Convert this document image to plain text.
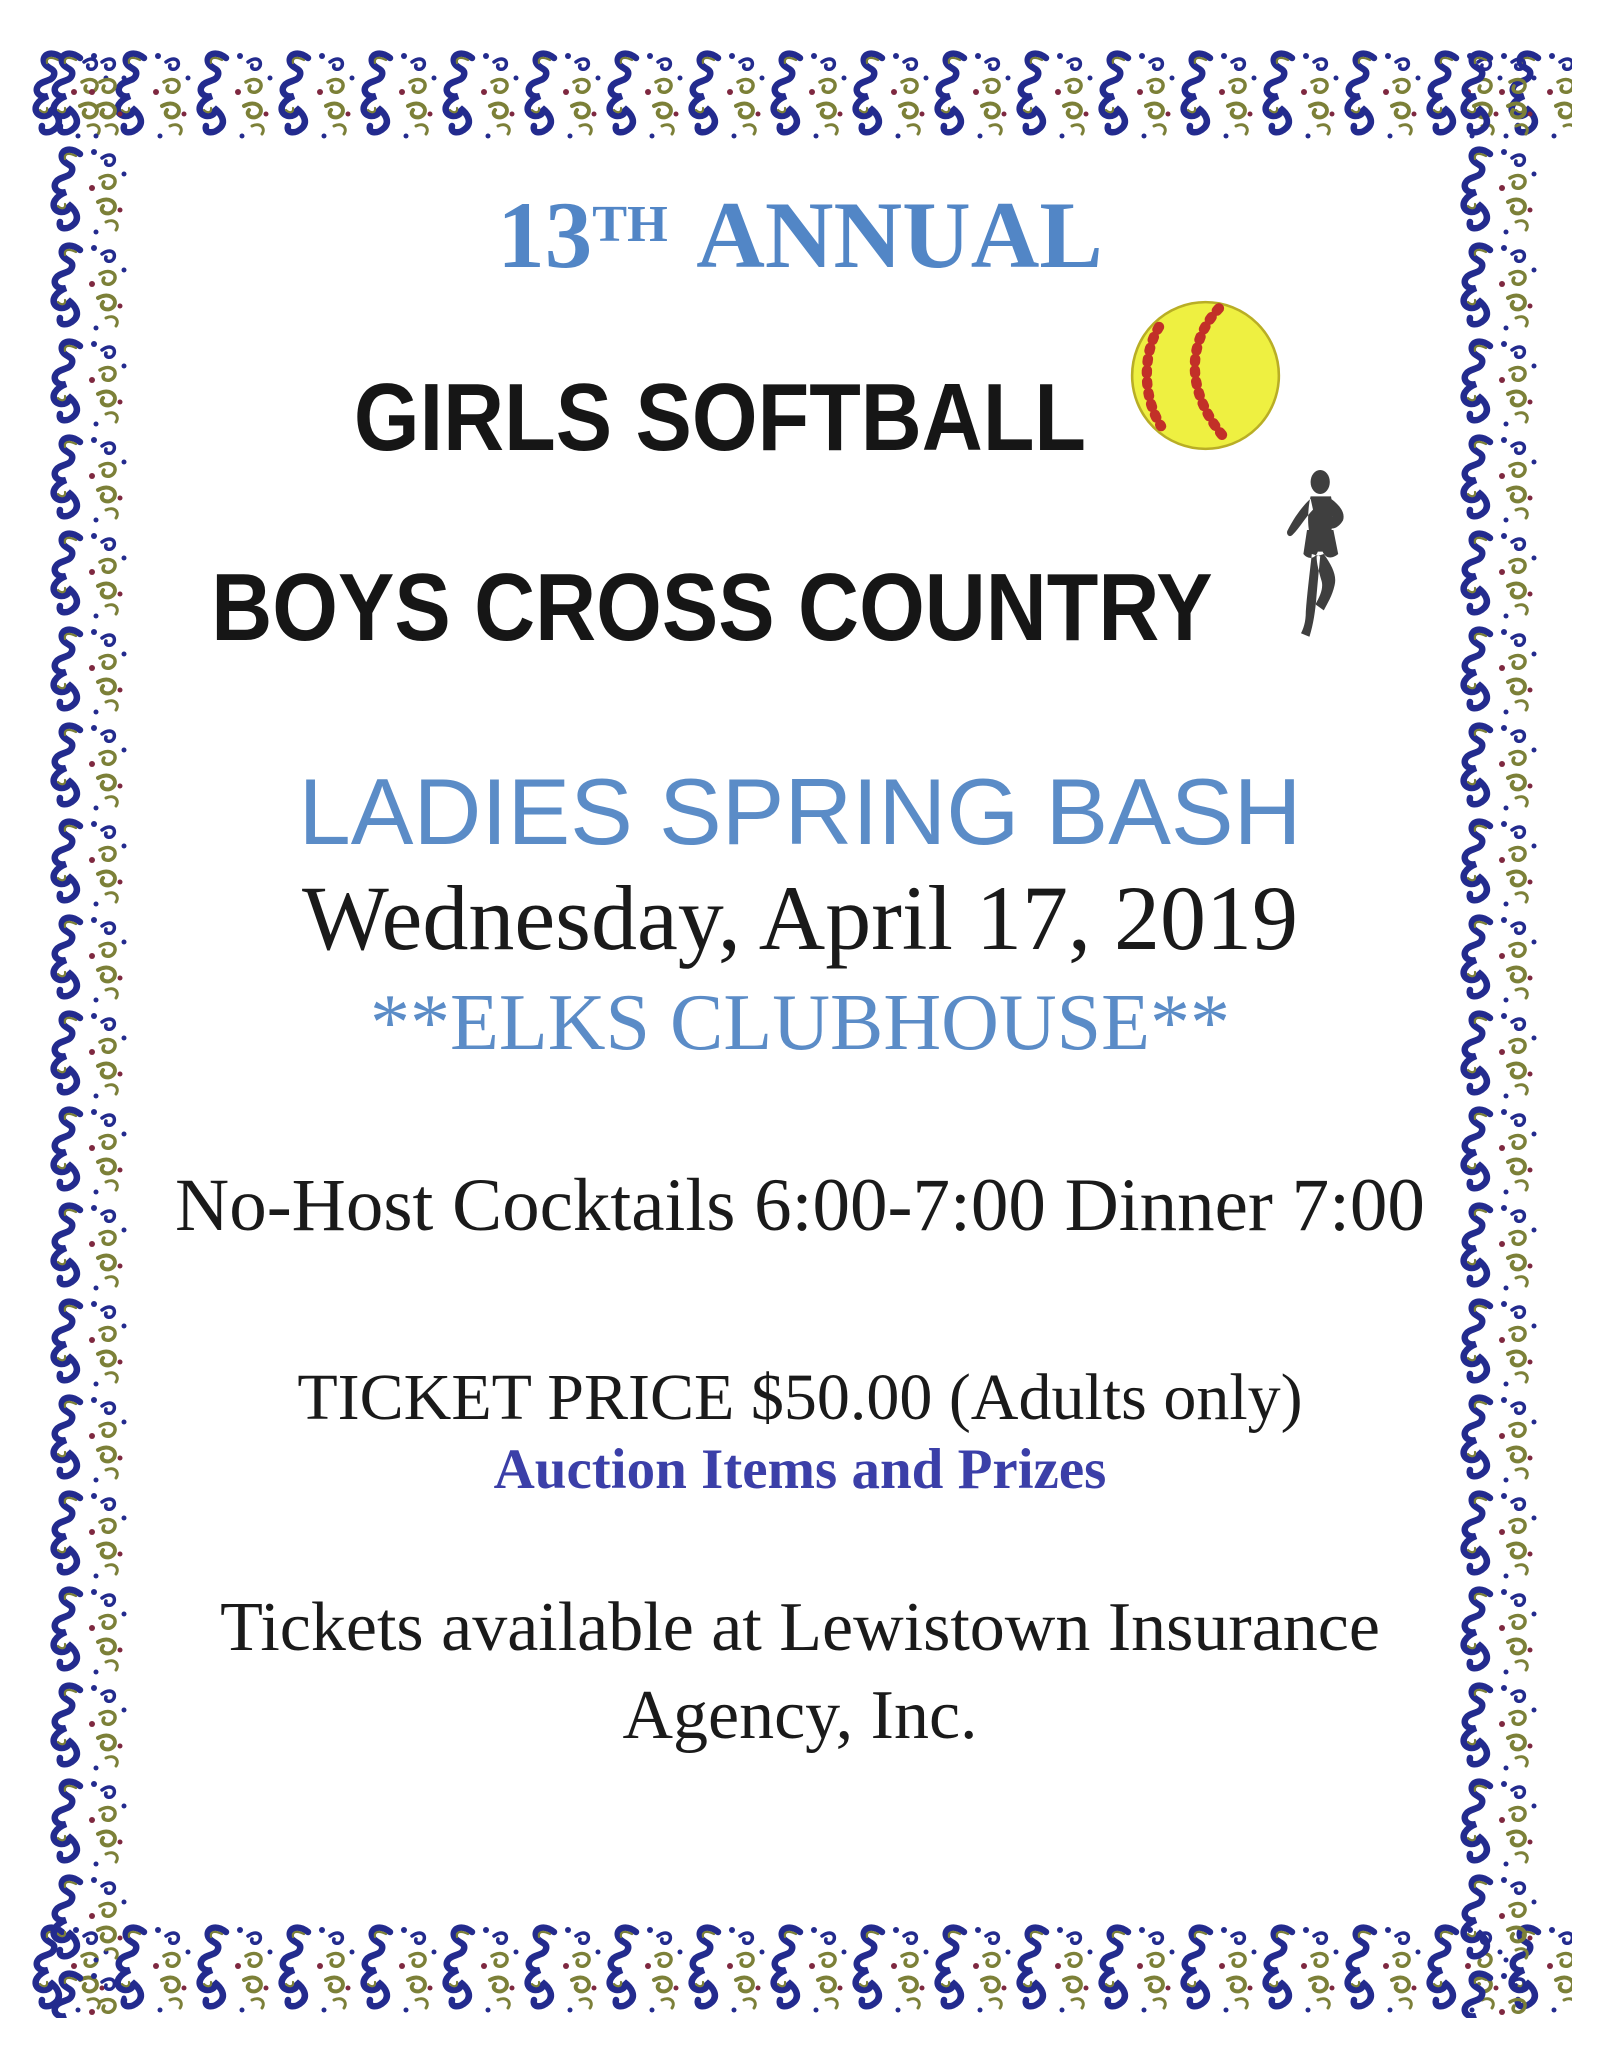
13TH ANNUAL
GIRLS SOFTBALL
BOYS CROSS COUNTRY
LADIES SPRING BASH
Wednesday, April 17, 2019
**ELKS CLUBHOUSE**
No-Host Cocktails 6:00-7:00 Dinner 7:00
TICKET PRICE $50.00 (Adults only)
Auction Items and Prizes
Tickets available at Lewistown Insurance
Agency, Inc.
